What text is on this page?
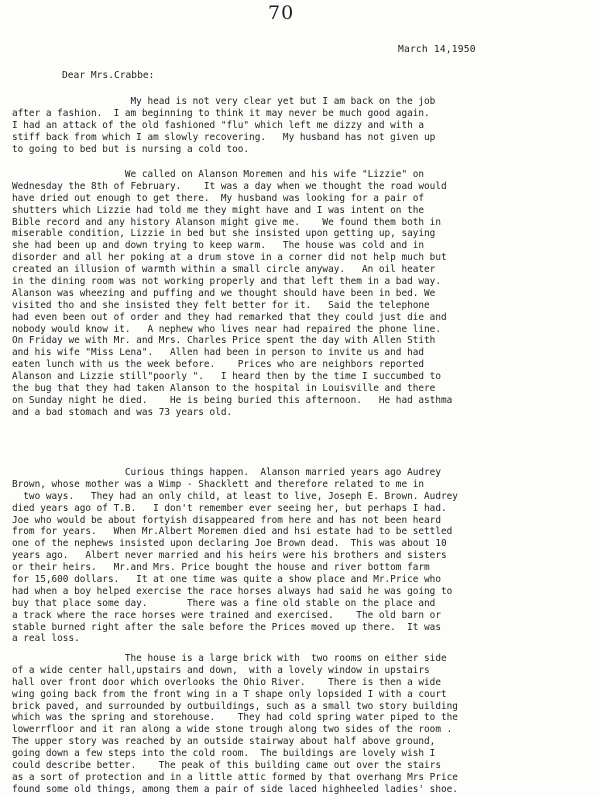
70
March 14,1950
Dear Mrs.Crabbe:
My head is not very clear yet but I am back on the job
after a fashion.  I am beginning to think it may never be much good again.
I had an attack of the old fashioned "flu" which left me dizzy and with a
stiff back from which I am slowly recovering.   My husband has not given up
to going to bed but is nursing a cold too.
We called on Alanson Moremen and his wife "Lizzie" on
Wednesday the 8th of February.    It was a day when we thought the road would
have dried out enough to get there.  My husband was looking for a pair of
shutters which Lizzie had told me they might have and I was intent on the
Bible record and any history Alanson might give me.    We found them both in
miserable condition, Lizzie in bed but she insisted upon getting up, saying
she had been up and down trying to keep warm.   The house was cold and in
disorder and all her poking at a drum stove in a corner did not help much but
created an illusion of warmth within a small circle anyway.   An oil heater
in the dining room was not working properly and that left them in a bad way.
Alanson was wheezing and puffing and we thought should have been in bed. We
visited tho and she insisted they felt better for it.   Said the telephone
had even been out of order and they had remarked that they could just die and
nobody would know it.   A nephew who lives near had repaired the phone line.
On Friday we with Mr. and Mrs. Charles Price spent the day with Allen Stith
and his wife "Miss Lena".   Allen had been in person to invite us and had
eaten lunch with us the week before.    Prices who are neighbors reported
Alanson and Lizzie still"poorly ".   I heard then by the time I succumbed to
the bug that they had taken Alanson to the hospital in Louisville and there
on Sunday night he died.    He is being buried this afternoon.   He had asthma
and a bad stomach and was 73 years old.
Curious things happen.  Alanson married years ago Audrey
Brown, whose mother was a Wimp - Shacklett and therefore related to me in
two ways.   They had an only child, at least to live, Joseph E. Brown. Audrey
died years ago of T.B.   I don't remember ever seeing her, but perhaps I had.
Joe who would be about fortyish disappeared from here and has not been heard
from for years.   When Mr.Albert Moremen died and hsi estate had to be settled
one of the nephews insisted upon declaring Joe Brown dead.  This was about 10
years ago.   Albert never married and his heirs were his brothers and sisters
or their heirs.   Mr.and Mrs. Price bought the house and river bottom farm
for 15,600 dollars.   It at one time was quite a show place and Mr.Price who
had when a boy helped exercise the race horses always had said he was going to
buy that place some day.       There was a fine old stable on the place and
a track where the race horses were trained and exercised.    The old barn or
stable burned right after the sale before the Prices moved up there.  It was
a real loss.
The house is a large brick with  two rooms on either side
of a wide center hall,upstairs and down,  with a lovely window in upstairs
hall over front door which overlooks the Ohio River.    There is then a wide
wing going back from the front wing in a T shape only lopsided I with a court
brick paved, and surrounded by outbuildings, such as a small two story building
which was the spring and storehouse.    They had cold spring water piped to the
lowerrfloor and it ran along a wide stone trough along two sides of the room .
The upper story was reached by an outside stairway about half above ground,
going down a few steps into the cold room.  The buildings are lovely wish I
could describe better.    The peak of this building came out over the stairs
as a sort of protection and in a little attic formed by that overhang Mrs Price
found some old things, among them a pair of side laced highheeled ladies' shoe.
